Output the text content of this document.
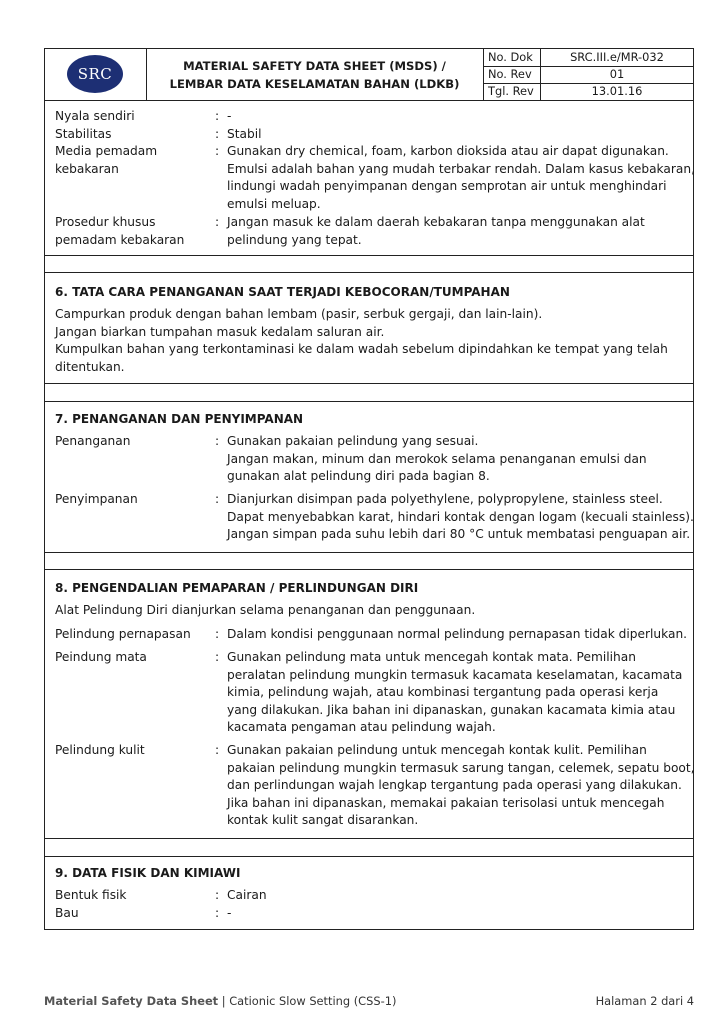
SRC	MATERIAL SAFETY DATA SHEET (MSDS) /
LEMBAR DATA KESELAMATAN BAHAN (LDKB)
No. Dok	SRC.III.e/MR-032
No. Rev	01
Tgl. Rev	13.01.16
Nyala sendiri	: -
Stabilitas	: Stabil
Media pemadam
kebakaran
: Gunakan dry chemical, foam, karbon dioksida atau air dapat digunakan.
Emulsi adalah bahan yang mudah terbakar rendah. Dalam kasus kebakaran,
lindungi wadah penyimpanan dengan semprotan air untuk menghindari
emulsi meluap.
Prosedur khusus
pemadam kebakaran
: Jangan masuk ke dalam daerah kebakaran tanpa menggunakan alat
pelindung yang tepat.
6. TATA CARA PENANGANAN SAAT TERJADI KEBOCORAN/TUMPAHAN
Campurkan produk dengan bahan lembam (pasir, serbuk gergaji, dan lain-lain).
Jangan biarkan tumpahan masuk kedalam saluran air.
Kumpulkan bahan yang terkontaminasi ke dalam wadah sebelum dipindahkan ke tempat yang telah
ditentukan.
7. PENANGANAN DAN PENYIMPANAN
Penanganan	: Gunakan pakaian pelindung yang sesuai.
Jangan makan, minum dan merokok selama penanganan emulsi dan
gunakan alat pelindung diri pada bagian 8.
Penyimpanan	: Dianjurkan disimpan pada polyethylene, polypropylene, stainless steel.
Dapat menyebabkan karat, hindari kontak dengan logam (kecuali stainless).
Jangan simpan pada suhu lebih dari 80 °C untuk membatasi penguapan air.
8. PENGENDALIAN PEMAPARAN / PERLINDUNGAN DIRI
Alat Pelindung Diri dianjurkan selama penanganan dan penggunaan.
Pelindung pernapasan	: Dalam kondisi penggunaan normal pelindung pernapasan tidak diperlukan.
Peindung mata	: Gunakan pelindung mata untuk mencegah kontak mata. Pemilihan
peralatan pelindung mungkin termasuk kacamata keselamatan, kacamata
kimia, pelindung wajah, atau kombinasi tergantung pada operasi kerja
yang dilakukan. Jika bahan ini dipanaskan, gunakan kacamata kimia atau
kacamata pengaman atau pelindung wajah.
Pelindung kulit	: Gunakan pakaian pelindung untuk mencegah kontak kulit. Pemilihan
pakaian pelindung mungkin termasuk sarung tangan, celemek, sepatu boot,
dan perlindungan wajah lengkap tergantung pada operasi yang dilakukan.
Jika bahan ini dipanaskan, memakai pakaian terisolasi untuk mencegah
kontak kulit sangat disarankan.
9. DATA FISIK DAN KIMIAWI
Bentuk fisik	: Cairan
Bau	: -
Material Safety Data Sheet | Cationic Slow Setting (CSS-1)	Halaman 2 dari 4
